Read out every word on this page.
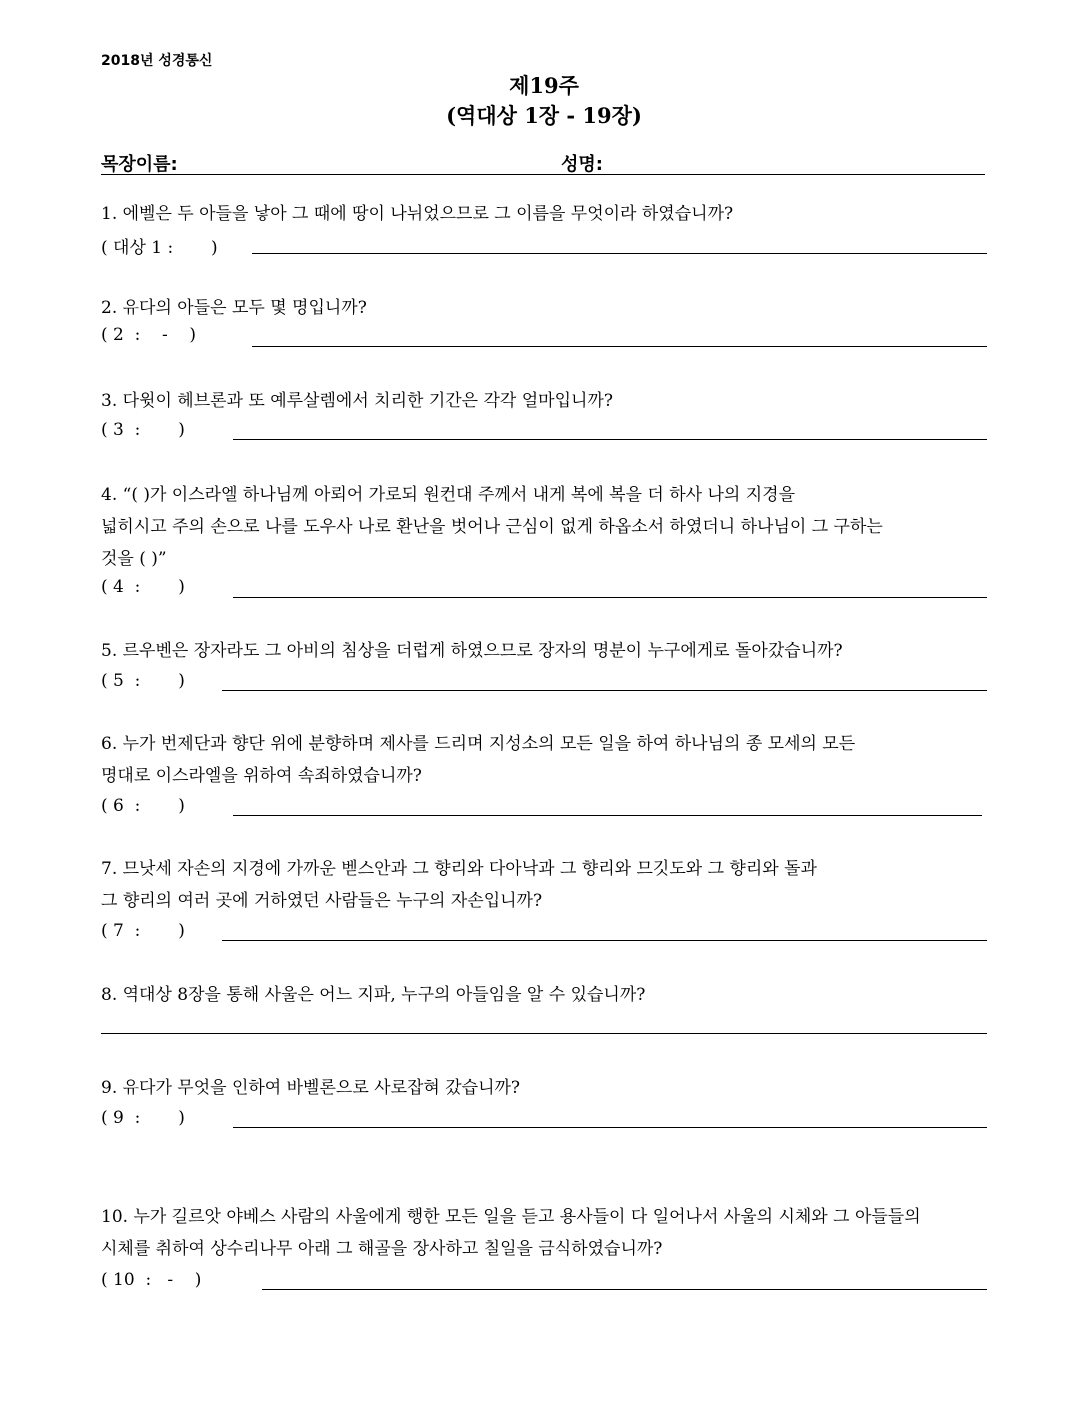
2018년 성경통신
제19주
(역대상 1장 - 19장)
목장이름:	성명:
1. 에벨은 두 아들을 낳아 그 때에 땅이 나뉘었으므로 그 이름을 무엇이라 하였습니까?
( 대상 1 :       )
2. 유다의 아들은 모두 몇 명입니까?
( 2  :    -    )
3. 다윗이 헤브론과 또 예루살렘에서 치리한 기간은 각각 얼마입니까?
( 3  :       )
4. “( )가 이스라엘 하나님께 아뢰어 가로되 원컨대 주께서 내게 복에 복을 더 하사 나의 지경을
넓히시고 주의 손으로 나를 도우사 나로 환난을 벗어나 근심이 없게 하옵소서 하였더니 하나님이 그 구하는
것을 ( )”
( 4  :       )
5. 르우벤은 장자라도 그 아비의 침상을 더럽게 하였으므로 장자의 명분이 누구에게로 돌아갔습니까?
( 5  :       )
6. 누가 번제단과 향단 위에 분향하며 제사를 드리며 지성소의 모든 일을 하여 하나님의 종 모세의 모든
명대로 이스라엘을 위하여 속죄하였습니까?
( 6  :       )
7. 므낫세 자손의 지경에 가까운 벧스안과 그 향리와 다아낙과 그 향리와 므깃도와 그 향리와 돌과
그 향리의 여러 곳에 거하였던 사람들은 누구의 자손입니까?
( 7  :       )
8. 역대상 8장을 통해 사울은 어느 지파, 누구의 아들임을 알 수 있습니까?
9. 유다가 무엇을 인하여 바벨론으로 사로잡혀 갔습니까?
( 9  :       )
10. 누가 길르앗 야베스 사람의 사울에게 행한 모든 일을 듣고 용사들이 다 일어나서 사울의 시체와 그 아들들의
시체를 취하여 상수리나무 아래 그 해골을 장사하고 칠일을 금식하였습니까?
( 10  :   -    )
